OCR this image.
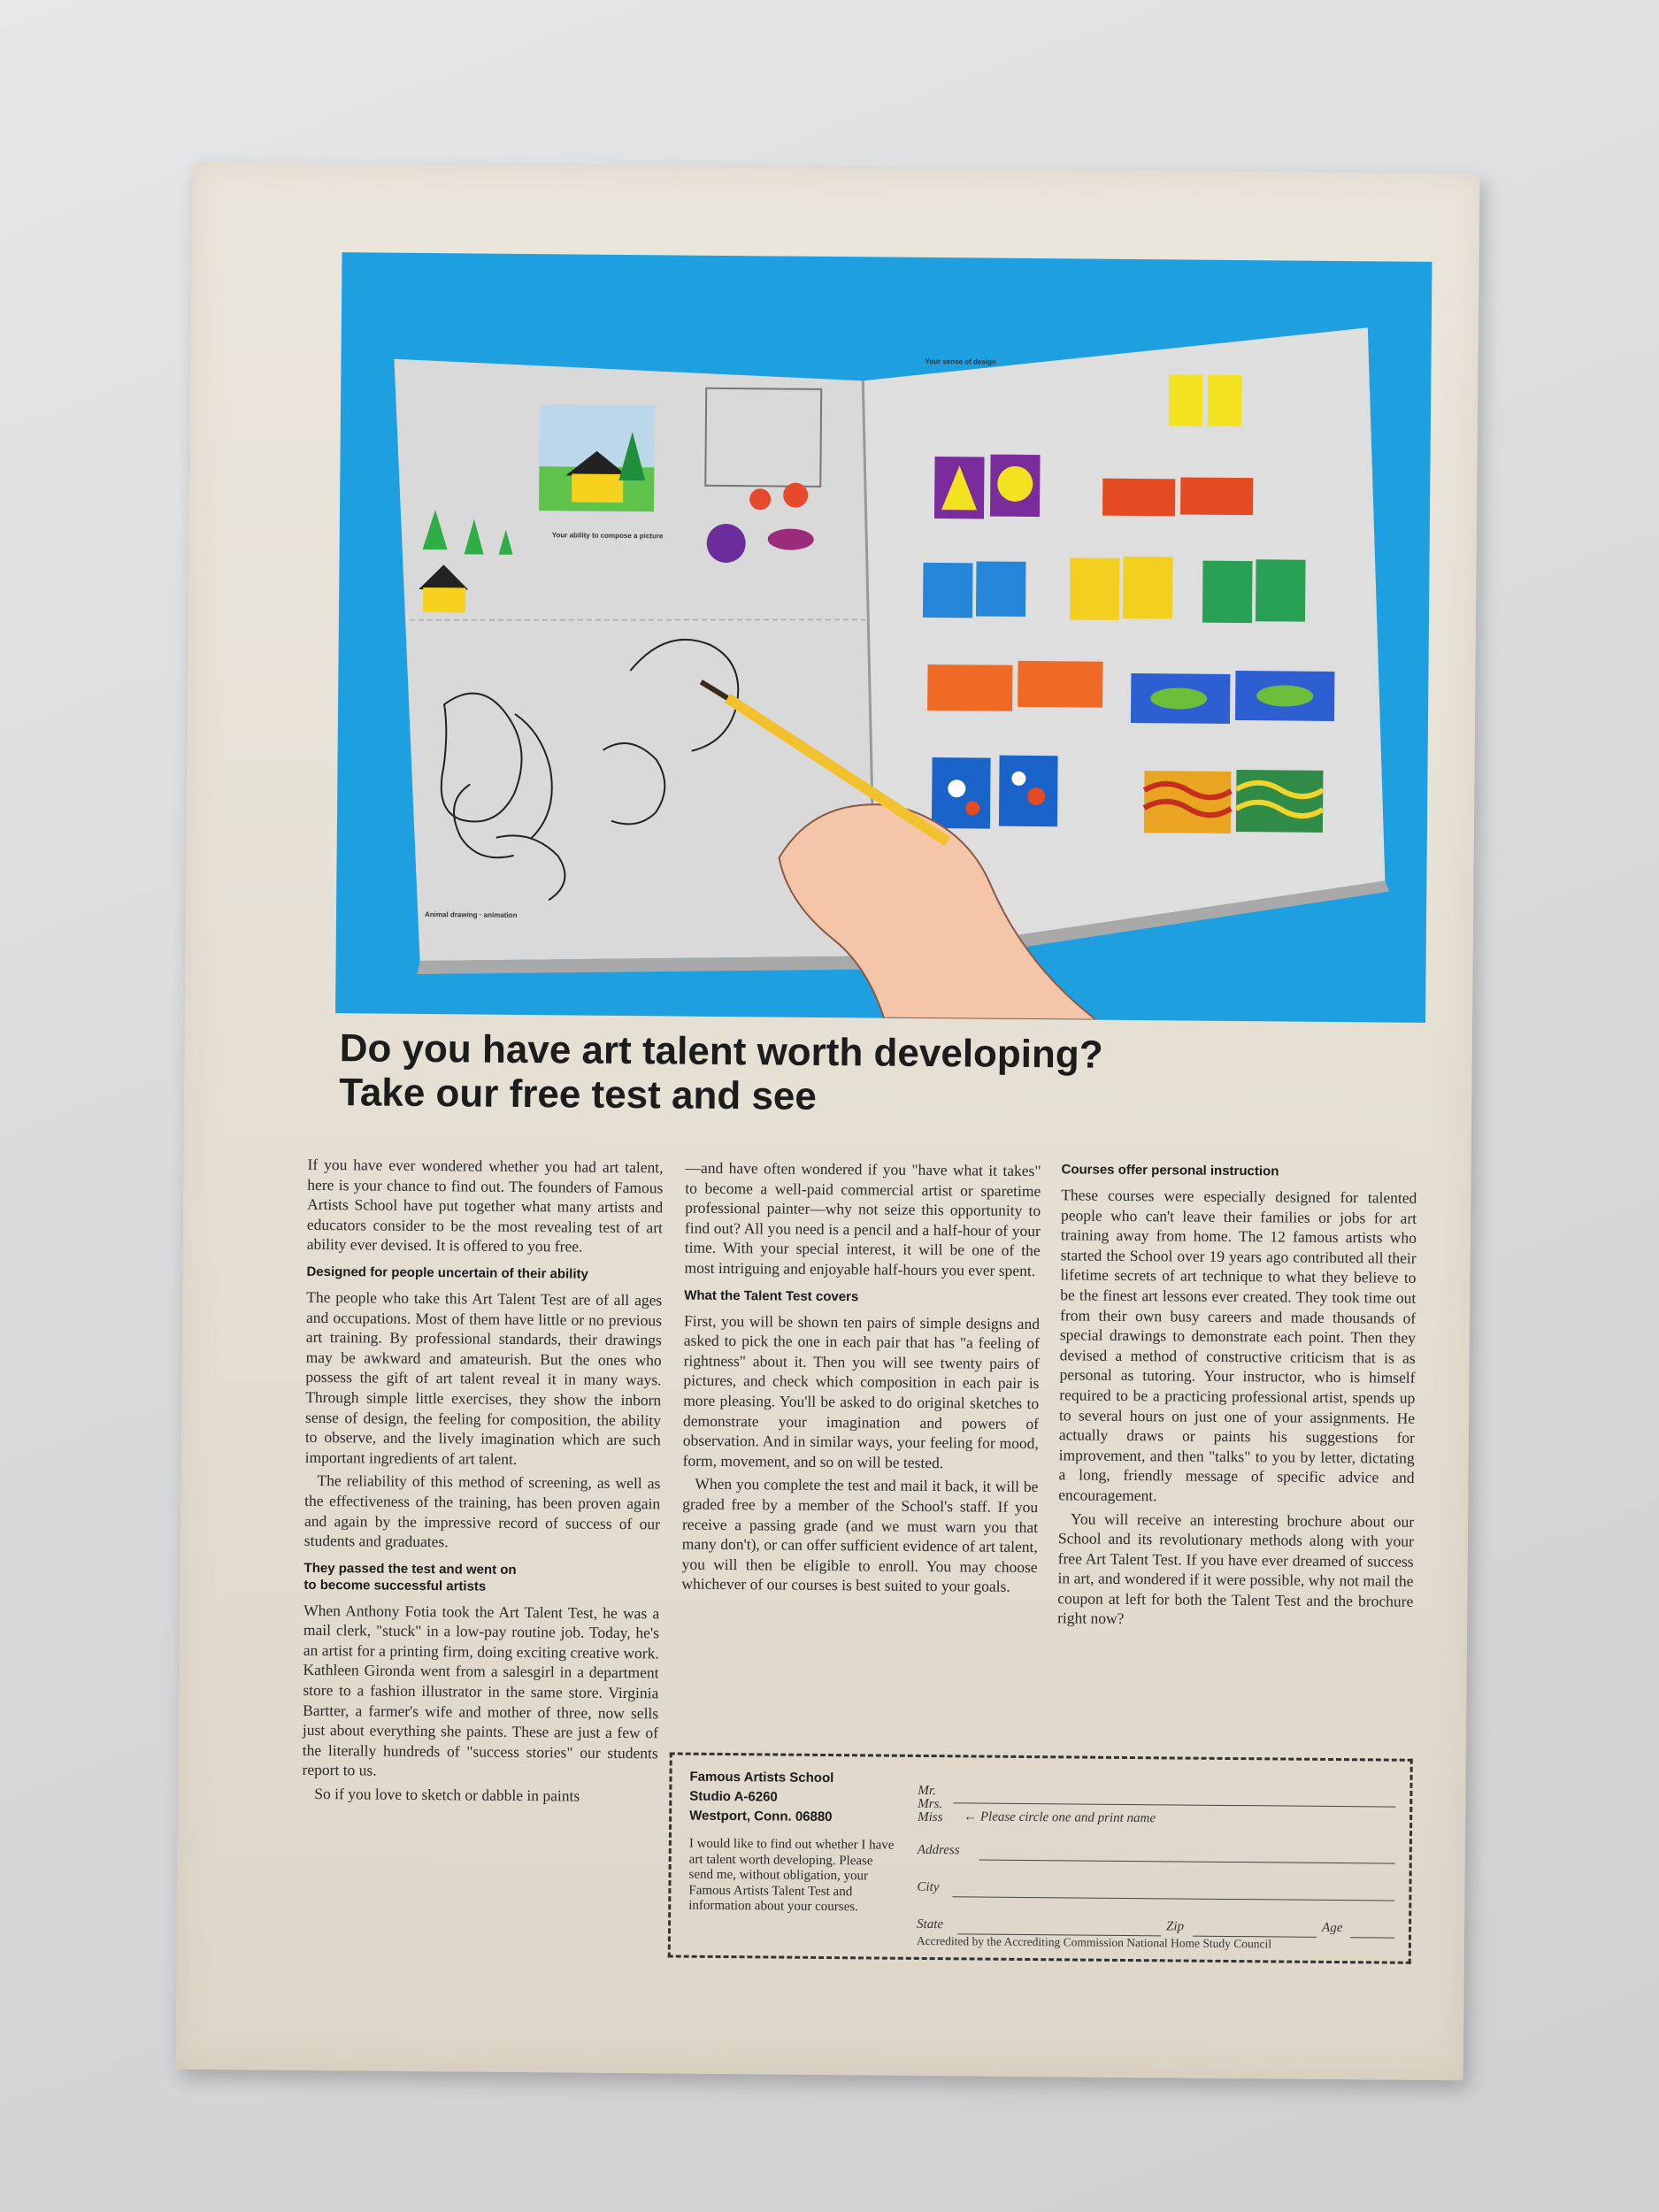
Your ability to compose a picture
Animal drawing · animation
Your sense of design
Do you have art talent worth developing?
Take our free test and see

If you have ever wondered whether you had art talent, here is your chance to find out. The founders of Famous Artists School have put together what many artists and educators consider to be the most revealing test of art ability ever devised. It is offered to you free.

Designed for people uncertain of their ability

The people who take this Art Talent Test are of all ages and occupations. Most of them have little or no previous art training. By professional standards, their drawings may be awkward and amateurish. But the ones who possess the gift of art talent reveal it in many ways. Through simple little exercises, they show the inborn sense of design, the feeling for composition, the ability to observe, and the lively imagination which are such important ingredients of art talent.

The reliability of this method of screening, as well as the effectiveness of the training, has been proven again and again by the impressive record of success of our students and graduates.

They passed the test and went on
to become successful artists

When Anthony Fotia took the Art Talent Test, he was a mail clerk, "stuck" in a low-pay routine job. Today, he's an artist for a printing firm, doing exciting creative work. Kathleen Gironda went from a salesgirl in a department store to a fashion illustrator in the same store. Virginia Bartter, a farmer's wife and mother of three, now sells just about everything she paints. These are just a few of the literally hundreds of "success stories" our students report to us.

So if you love to sketch or dabble in paints

—and have often wondered if you "have what it takes" to become a well-paid commercial artist or sparetime professional painter—why not seize this opportunity to find out? All you need is a pencil and a half-hour of your time. With your special interest, it will be one of the most intriguing and enjoyable half-hours you ever spent.

What the Talent Test covers

First, you will be shown ten pairs of simple designs and asked to pick the one in each pair that has "a feeling of rightness" about it. Then you will see twenty pairs of pictures, and check which composition in each pair is more pleasing. You'll be asked to do original sketches to demonstrate your imagination and powers of observation. And in similar ways, your feeling for mood, form, movement, and so on will be tested.

When you complete the test and mail it back, it will be graded free by a member of the School's staff. If you receive a passing grade (and we must warn you that many don't), or can offer sufficient evidence of art talent, you will then be eligible to enroll. You may choose whichever of our courses is best suited to your goals.

Courses offer personal instruction

These courses were especially designed for talented people who can't leave their families or jobs for art training away from home. The 12 famous artists who started the School over 19 years ago contributed all their lifetime secrets of art technique to what they believe to be the finest art lessons ever created. They took time out from their own busy careers and made thousands of special drawings to demonstrate each point. Then they devised a method of constructive criticism that is as personal as tutoring. Your instructor, who is himself required to be a practicing professional artist, spends up to several hours on just one of your assignments. He actually draws or paints his suggestions for improvement, and then "talks" to you by letter, dictating a long, friendly message of specific advice and encouragement.

You will receive an interesting brochure about our School and its revolutionary methods along with your free Art Talent Test. If you have ever dreamed of success in art, and wondered if it were possible, why not mail the coupon at left for both the Talent Test and the brochure right now?

Famous Artists School
Studio A-6260
Westport, Conn. 06880
I would like to find out whether I have art talent worth developing. Please send me, without obligation, your Famous Artists Talent Test and information about your courses.
Mr.
Mrs.
Miss ← Please circle one and print name
Address
City
State	Zip	Age
Accredited by the Accrediting Commission National Home Study Council
